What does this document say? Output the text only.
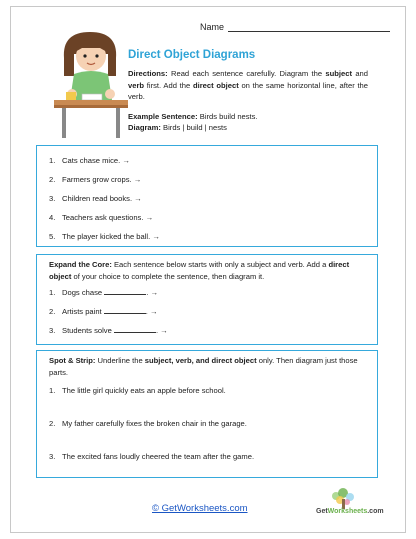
Name
Direct Object Diagrams
Directions: Read each sentence carefully. Diagram the subject and verb first. Add the direct object on the same horizontal line, after the verb.
Example Sentence: Birds build nests.
Diagram: Birds | build | nests
1. Cats chase mice. →
2. Farmers grow crops. →
3. Children read books. →
4. Teachers ask questions. →
5. The player kicked the ball. →
Expand the Core: Each sentence below starts with only a subject and verb. Add a direct object of your choice to complete the sentence, then diagram it.
1. Dogs chase	. →
2. Artists paint	. →
3. Students solve	. →
Spot & Strip: Underline the subject, verb, and direct object only. Then diagram just those parts.
1. The little girl quickly eats an apple before school.
2. My father carefully fixes the broken chair in the garage.
3. The excited fans loudly cheered the team after the game.
© GetWorksheets.com	GetWorksheets.com
